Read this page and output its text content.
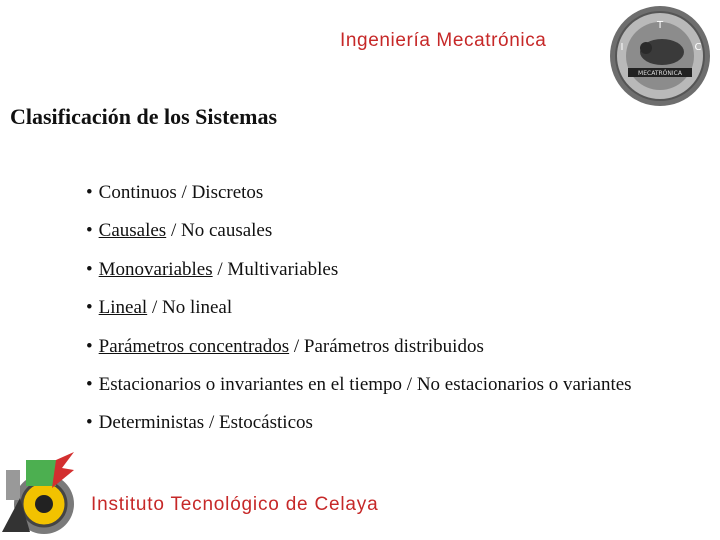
Ingeniería Mecatrónica
T
I	C
MECATRÓNICA
Clasificación de los Sistemas
• Continuos / Discretos
• Causales / No causales
• Monovariables / Multivariables
• Lineal / No lineal
• Parámetros concentrados / Parámetros distribuidos
• Estacionarios o invariantes en el tiempo / No estacionarios o variantes
• Deterministas / Estocásticos
Instituto Tecnológico de Celaya
